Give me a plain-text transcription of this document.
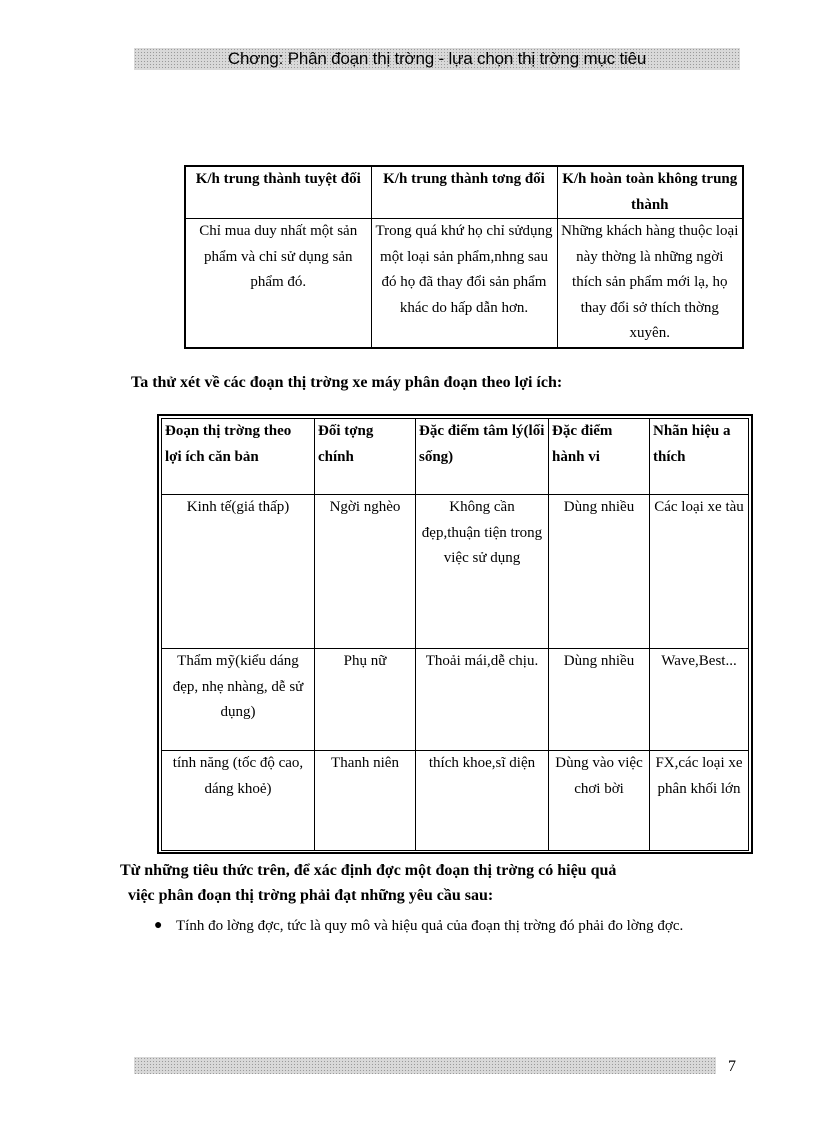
Chơng: Phân đoạn thị trờng - lựa chọn thị trờng mục tiêu
K/h trung thành tuyệt đối	K/h trung thành tơng đối	K/h hoàn toàn không trung thành
Chỉ mua duy nhất một sản phẩm và chỉ sử dụng sản phẩm đó.	Trong quá khứ họ chỉ sửdụng một loại sản phẩm,nhng sau đó họ đã thay đổi sản phẩm khác do hấp dẫn hơn.	Những khách hàng thuộc loại này thờng là những ngời thích sản phẩm mới lạ, họ thay đổi sở thích thờng xuyên.
Ta thử xét về các đoạn thị trờng xe máy phân đoạn theo lợi ích:
Đoạn thị trờng theo lợi ích căn bản	Đối tợng chính	Đặc điểm tâm lý(lối sống)	Đặc điểm hành vi	Nhãn hiệu a thích
Kinh tế(giá thấp)	Ngời nghèo	Không cần đẹp,thuận tiện trong việc sử dụng	Dùng nhiều	Các loại xe tàu
Thẩm mỹ(kiểu dáng đẹp, nhẹ nhàng, dễ sử dụng)	Phụ nữ	Thoải mái,dễ chịu.	Dùng nhiều	Wave,Best...
tính năng (tốc độ cao, dáng khoẻ)	Thanh niên	thích khoe,sĩ diện	Dùng vào việc chơi bời	FX,các loại xe phân khối lớn
Từ những tiêu thức trên, để xác định đợc một đoạn thị trờng có hiệu quả
việc phân đoạn thị trờng phải đạt những yêu cầu sau:
● Tính đo lờng đợc, tức là quy mô và hiệu quả của đoạn thị trờng đó phải đo lờng đợc.
7
